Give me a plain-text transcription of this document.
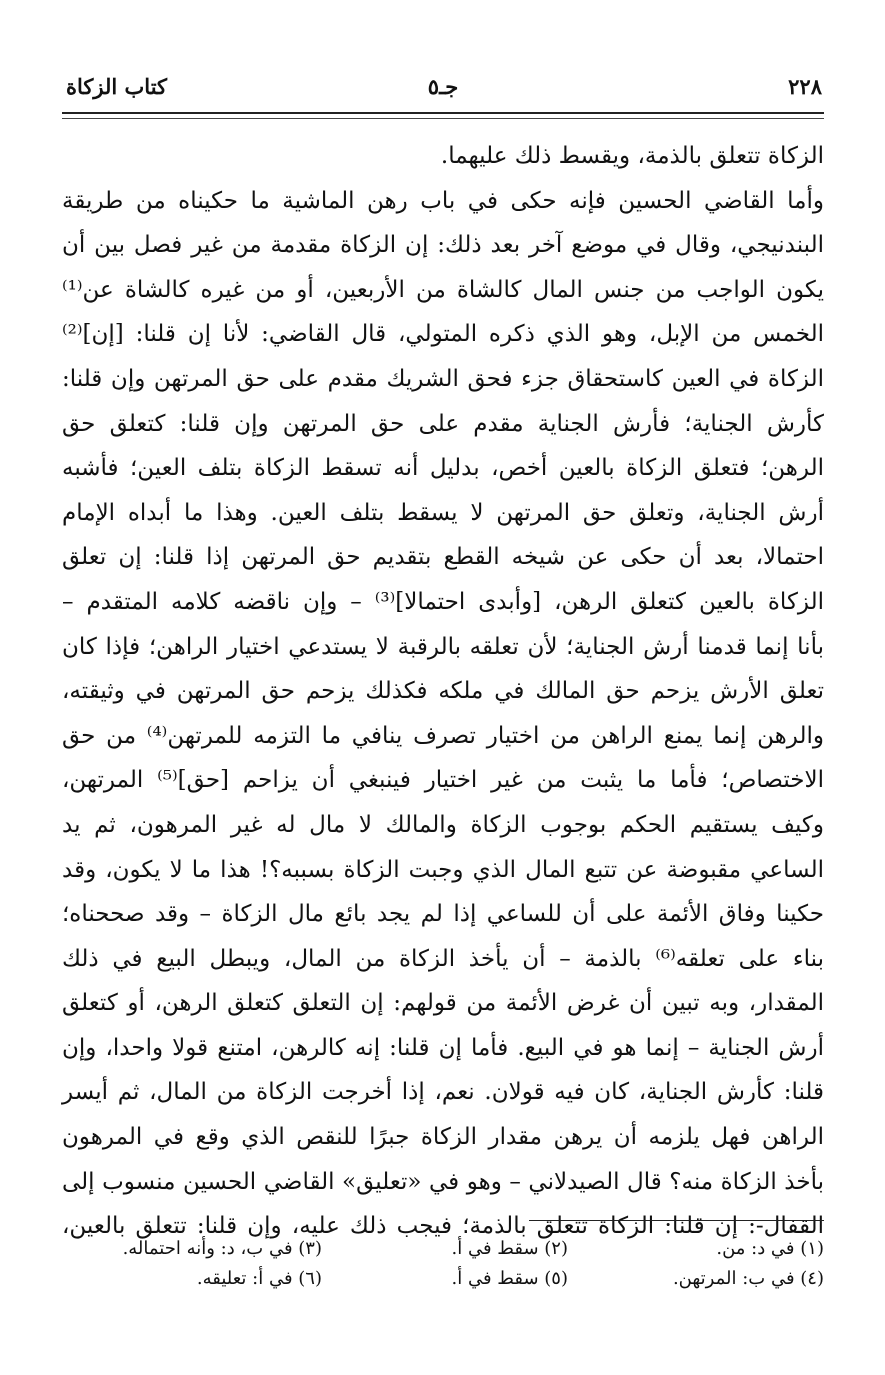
٢٢٨
جـ٥
كتاب الزكاة
الزكاة تتعلق بالذمة، ويقسط ذلك عليهما.
وأما القاضي الحسين فإنه حكى في باب رهن الماشية ما حكيناه من طريقة
البندنيجي، وقال في موضع آخر بعد ذلك: إن الزكاة مقدمة من غير فصل بين أن
يكون الواجب من جنس المال كالشاة من الأربعين، أو من غيره كالشاة عن⁽¹⁾
الخمس من الإبل، وهو الذي ذكره المتولي، قال القاضي: لأنا إن قلنا: [إن]⁽²⁾
الزكاة في العين كاستحقاق جزء فحق الشريك مقدم على حق المرتهن وإن قلنا:
كأرش الجناية؛ فأرش الجناية مقدم على حق المرتهن وإن قلنا: كتعلق حق
الرهن؛ فتعلق الزكاة بالعين أخص، بدليل أنه تسقط الزكاة بتلف العين؛ فأشبه
أرش الجناية، وتعلق حق المرتهن لا يسقط بتلف العين. وهذا ما أبداه الإمام
احتمالا، بعد أن حكى عن شيخه القطع بتقديم حق المرتهن إذا قلنا: إن تعلق
الزكاة بالعين كتعلق الرهن، [وأبدى احتمالا]⁽³⁾ – وإن ناقضه كلامه المتقدم –
بأنا إنما قدمنا أرش الجناية؛ لأن تعلقه بالرقبة لا يستدعي اختيار الراهن؛ فإذا كان
تعلق الأرش يزحم حق المالك في ملكه فكذلك يزحم حق المرتهن في وثيقته،
والرهن إنما يمنع الراهن من اختيار تصرف ينافي ما التزمه للمرتهن⁽⁴⁾ من حق
الاختصاص؛ فأما ما يثبت من غير اختيار فينبغي أن يزاحم [حق]⁽⁵⁾ المرتهن،
وكيف يستقيم الحكم بوجوب الزكاة والمالك لا مال له غير المرهون، ثم يد
الساعي مقبوضة عن تتبع المال الذي وجبت الزكاة بسببه؟! هذا ما لا يكون، وقد
حكينا وفاق الأئمة على أن للساعي إذا لم يجد بائع مال الزكاة – وقد صححناه؛
بناء على تعلقه⁽⁶⁾ بالذمة – أن يأخذ الزكاة من المال، ويبطل البيع في ذلك
المقدار، وبه تبين أن غرض الأئمة من قولهم: إن التعلق كتعلق الرهن، أو كتعلق
أرش الجناية – إنما هو في البيع. فأما إن قلنا: إنه كالرهن، امتنع قولا واحدا، وإن
قلنا: كأرش الجناية، كان فيه قولان. نعم، إذا أخرجت الزكاة من المال، ثم أيسر
الراهن فهل يلزمه أن يرهن مقدار الزكاة جبرًا للنقص الذي وقع في المرهون
بأخذ الزكاة منه؟ قال الصيدلاني – وهو في «تعليق» القاضي الحسين منسوب إلى
القفال-: إن قلنا: الزكاة تتعلق بالذمة؛ فيجب ذلك عليه، وإن قلنا: تتعلق بالعين،
(١) في د: من.
(٢) سقط في أ.
(٣) في ب، د: وأنه احتماله.
(٤) في ب: المرتهن.
(٥) سقط في أ.
(٦) في أ: تعليقه.
